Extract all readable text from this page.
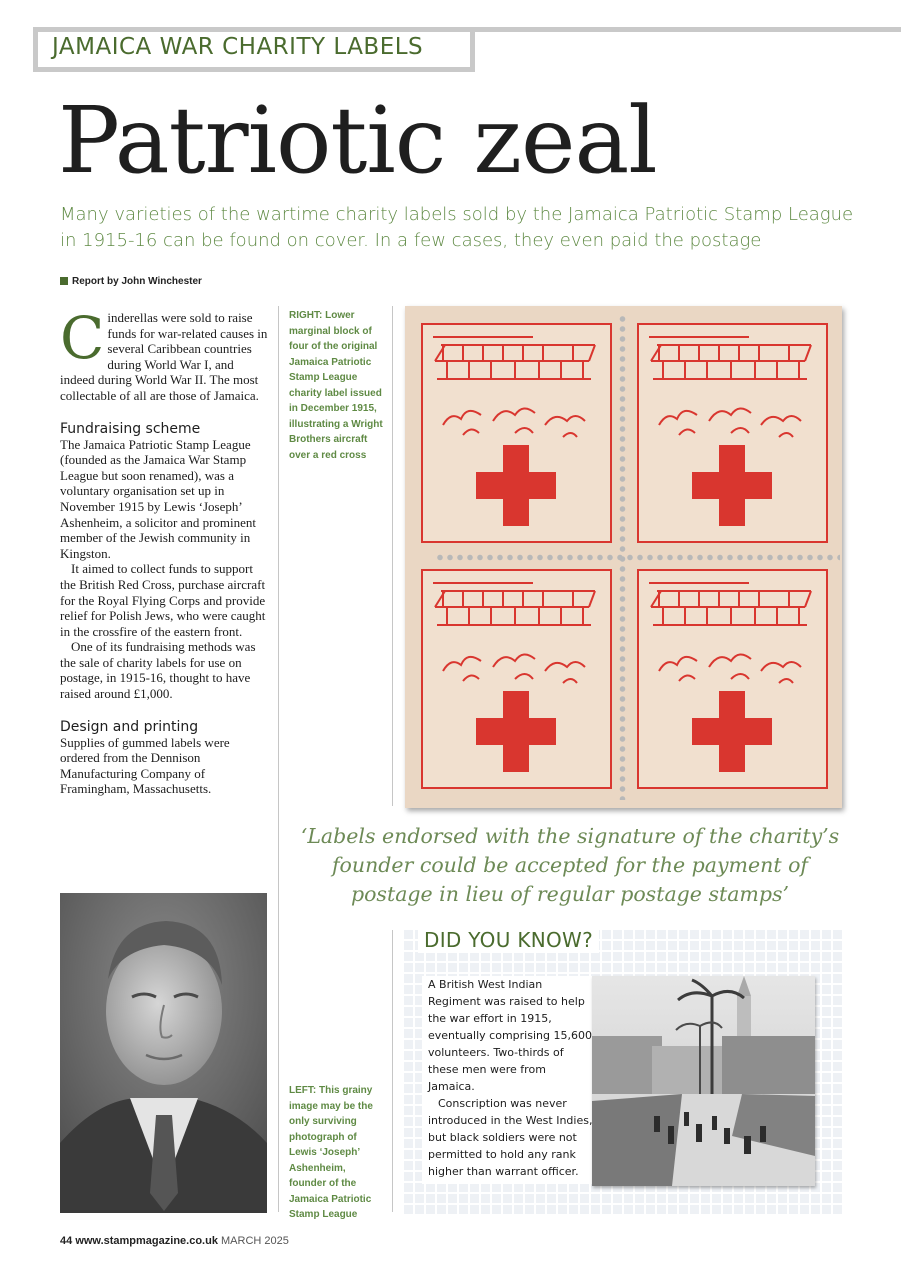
JAMAICA WAR CHARITY LABELS
Patriotic zeal
Many varieties of the wartime charity labels sold by the Jamaica Patriotic Stamp League in 1915-16 can be found on cover. In a few cases, they even paid the postage
Report by John Winchester

Cinderellas were sold to raise funds for war-related causes in several Caribbean countries during World War I, and indeed during World War II. The most collectable of all are those of Jamaica.

Fundraising scheme

The Jamaica Patriotic Stamp League (founded as the Jamaica War Stamp League but soon renamed), was a voluntary organisation set up in November 1915 by Lewis ‘Joseph’ Ashenheim, a solicitor and prominent member of the Jewish community in Kingston.

It aimed to collect funds to support the British Red Cross, purchase aircraft for the Royal Flying Corps and provide relief for Polish Jews, who were caught in the crossfire of the eastern front.

One of its fundraising methods was the sale of charity labels for use on postage, in 1915-16, thought to have raised around £1,000.

Design and printing

Supplies of gummed labels were ordered from the Dennison Manufacturing Company of Framingham, Massachusetts.

RIGHT: Lower marginal block of four of the original Jamaica Patriotic Stamp League charity label issued in December 1915, illustrating a Wright Brothers aircraft over a red cross
LEFT: This grainy image may be the only surviving photograph of Lewis ‘Joseph’ Ashenheim, founder of the Jamaica Patriotic Stamp League
‘Labels endorsed with the signature of the charity’s founder could be accepted for the payment of postage in lieu of regular postage stamps’
DID YOU KNOW?

A British West Indian Regiment was raised to help the war effort in 1915, eventually comprising 15,600 volunteers. Two-thirds of these men were from Jamaica.

Conscription was never introduced in the West Indies, but black soldiers were not permitted to hold any rank higher than warrant officer.

44 www.stampmagazine.co.uk MARCH 2025
